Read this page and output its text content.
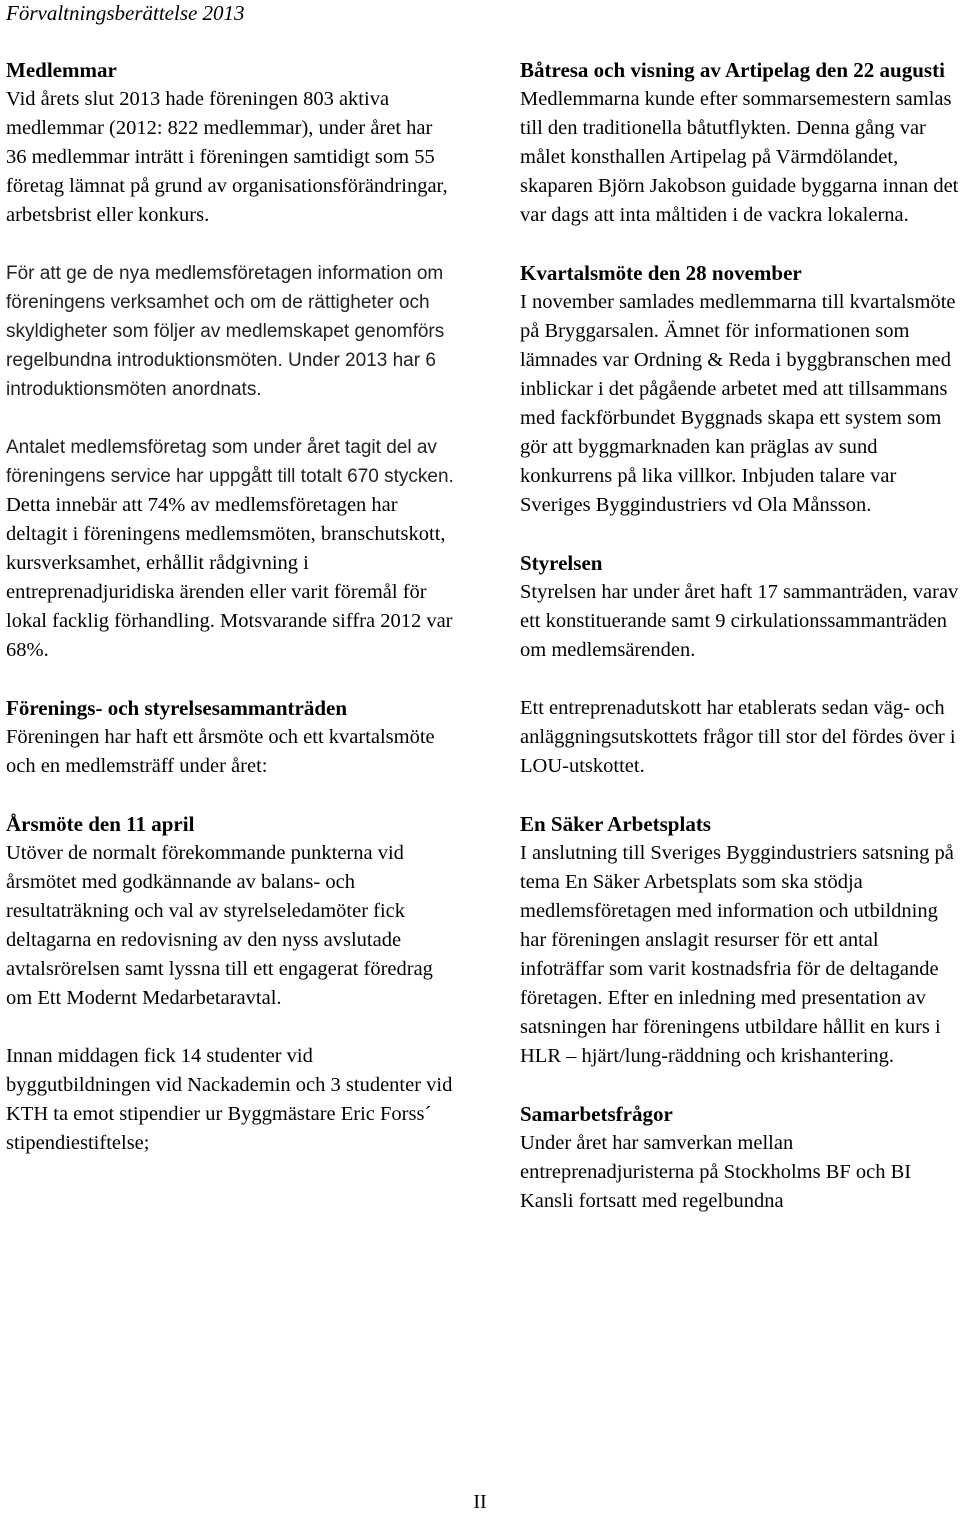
Förvaltningsberättelse 2013
Medlemmar

Vid årets slut 2013 hade föreningen 803 aktiva medlemmar (2012: 822 medlemmar), under året har 36 medlemmar inträtt i föreningen samtidigt som 55 företag lämnat på grund av organisationsförändringar, arbetsbrist eller konkurs.

För att ge de nya medlemsföretagen information om föreningens verksamhet och om de rättigheter och skyldigheter som följer av medlemskapet genomförs regelbundna introduktionsmöten. Under 2013 har 6 introduktionsmöten anordnats.

Antalet medlemsföretag som under året tagit del av föreningens service har uppgått till totalt 670 stycken. Detta innebär att 74% av medlemsföretagen har deltagit i föreningens medlemsmöten, branschutskott, kursverksamhet, erhållit rådgivning i entreprenadjuridiska ärenden eller varit föremål för lokal facklig förhandling. Motsvarande siffra 2012 var 68%.

Förenings- och styrelsesammanträden

Föreningen har haft ett årsmöte och ett kvartalsmöte och en medlemsträff under året:

Årsmöte den 11 april

Utöver de normalt förekommande punkterna vid årsmötet med godkännande av balans- och resultaträkning och val av styrelseledamöter fick deltagarna en redovisning av den nyss avslutade avtalsrörelsen samt lyssna till ett engagerat föredrag om Ett Modernt Medarbetaravtal.

Innan middagen fick 14 studenter vid byggutbildningen vid Nackademin och 3 studenter vid KTH ta emot stipendier ur Byggmästare Eric Forss´ stipendiestiftelse;

Båtresa och visning av Artipelag den 22 augusti

Medlemmarna kunde efter sommarsemestern samlas till den traditionella båtutflykten. Denna gång var målet konsthallen Artipelag på Värmdölandet, skaparen Björn Jakobson guidade byggarna innan det var dags att inta måltiden i de vackra lokalerna.

Kvartalsmöte den 28 november

I november samlades medlemmarna till kvartalsmöte på Bryggarsalen. Ämnet för informationen som lämnades var Ordning & Reda i byggbranschen med inblickar i det pågående arbetet med att tillsammans med fackförbundet Byggnads skapa ett system som gör att byggmarknaden kan präglas av sund konkurrens på lika villkor. Inbjuden talare var Sveriges Byggindustriers vd Ola Månsson.

Styrelsen

Styrelsen har under året haft 17 sammanträden, varav ett konstituerande samt 9 cirkulationssammanträden om medlemsärenden.

Ett entreprenadutskott har etablerats sedan väg- och anläggningsutskottets frågor till stor del fördes över i LOU-utskottet.

En Säker Arbetsplats

I anslutning till Sveriges Byggindustriers satsning på tema En Säker Arbetsplats som ska stödja medlemsföretagen med information och utbildning har föreningen anslagit resurser för ett antal infoträffar som varit kostnadsfria för de deltagande företagen. Efter en inledning med presentation av satsningen har föreningens utbildare hållit en kurs i HLR – hjärt/lung-räddning och krishantering.

Samarbetsfrågor

Under året har samverkan mellan entreprenadjuristerna på Stockholms BF och BI Kansli fortsatt med regelbundna

II
